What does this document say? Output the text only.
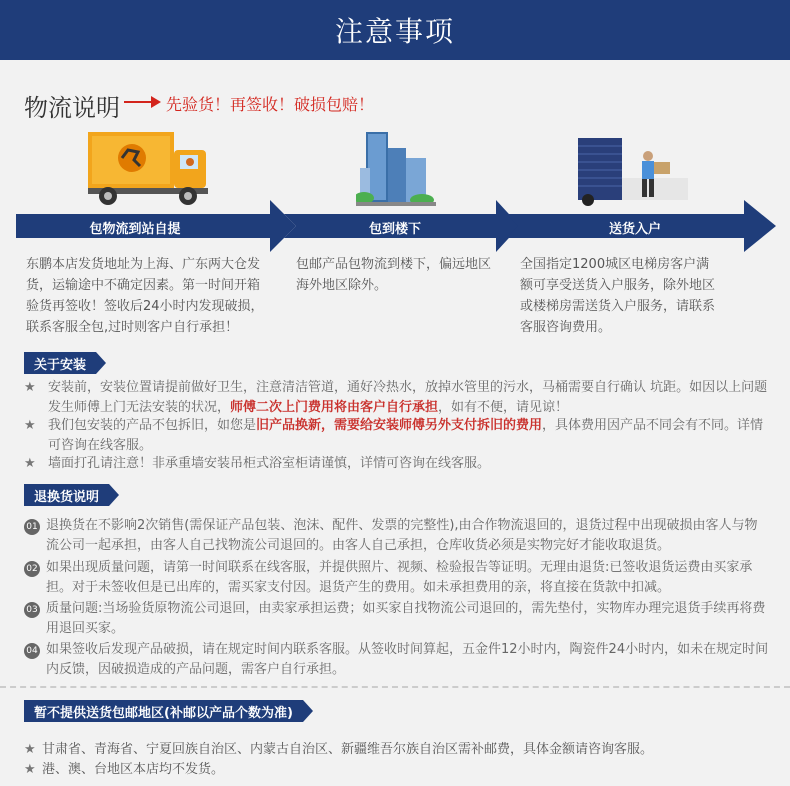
注意事项
物流说明	先验货！再签收！破损包赔！
包物流到站自提	包到楼下	送货入户
东鹏本店发货地址为上海、广东两大仓发货，运输途中不确定因素。第一时间开箱验货再签收！签收后24小时内发现破损，联系客服全包,过时则客户自行承担！
包邮产品包物流到楼下，偏远地区海外地区除外。
全国指定1200城区电梯房客户满额可享受送货入户服务，除外地区或楼梯房需送货入户服务，请联系客服咨询费用。
关于安装
★ 安装前，安装位置请提前做好卫生，注意清洁管道，通好冷热水，放掉水管里的污水，马桶需要自行确认 坑距。如因以上问题发生师傅上门无法安装的状况，师傅二次上门费用将由客户自行承担，如有不便，请见谅！
★ 我们包安装的产品不包拆旧，如您是旧产品换新，需要给安装师傅另外支付拆旧的费用，具体费用因产品不同会有不同。详情可咨询在线客服。
★ 墙面打孔请注意！非承重墙安装吊柜式浴室柜请谨慎，详情可咨询在线客服。
退换货说明
01 退换货在不影响2次销售(需保证产品包装、泡沫、配件、发票的完整性),由合作物流退回的，退货过程中出现破损由客人与物流公司一起承担，由客人自己找物流公司退回的。由客人自己承担，仓库收货必须是实物完好才能收取退货。
02 如果出现质量问题，请第一时间联系在线客服，并提供照片、视频、检验报告等证明。无理由退货:已签收退货运费由买家承担。对于未签收但是已出库的，需买家支付因。退货产生的费用。如未承担费用的亲，将直接在货款中扣减。
03 质量问题:当场验货原物流公司退回，由卖家承担运费；如买家自找物流公司退回的，需先垫付，实物库办理完退货手续再将费用退回买家。
04 如果签收后发现产品破损，请在规定时间内联系客服。从签收时间算起，五金件12小时内，陶瓷件24小时内，如未在规定时间内反馈，因破损造成的产品问题，需客户自行承担。
暂不提供送货包邮地区(补邮以产品个数为准)
★ 甘肃省、青海省、宁夏回族自治区、内蒙古自治区、新疆维吾尔族自治区需补邮费，具体金额请咨询客服。
★ 港、澳、台地区本店均不发货。
